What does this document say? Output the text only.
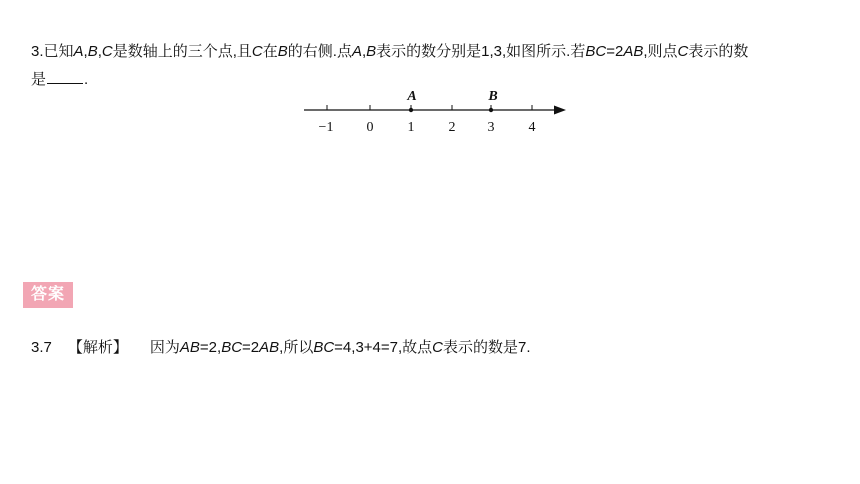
3.已知A,B,C是数轴上的三个点,且C在B的右侧.点A,B表示的数分别是1,3,如图所示.若BC=2AB,则点C表示的数
是	.
−1 0 1 2 3 4
A	B
答案
3.7 【解析】 因为AB=2,BC=2AB,所以BC=4,3+4=7,故点C表示的数是7.
